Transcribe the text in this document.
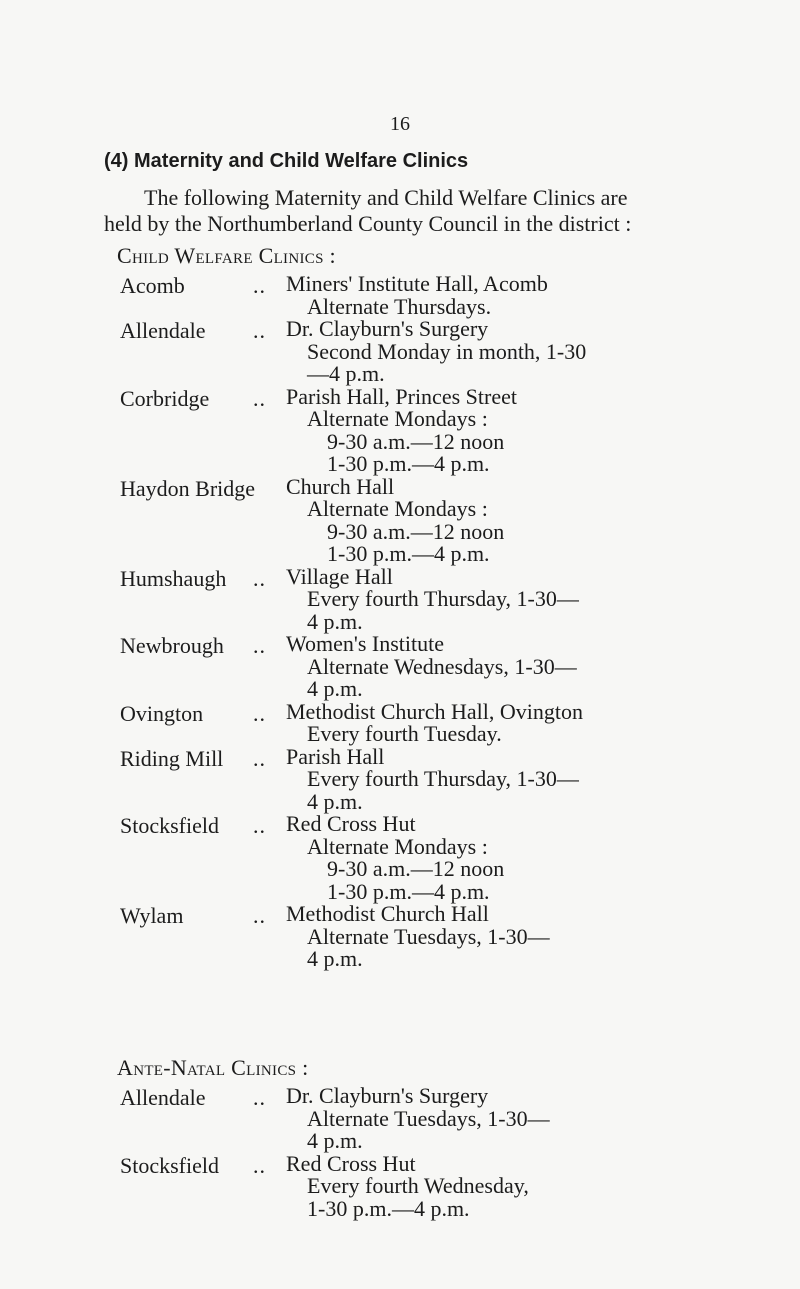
16
(4) Maternity and Child Welfare Clinics
The following Maternity and Child Welfare Clinics are
held by the Northumberland County Council in the district :
Child Welfare Clinics :
Acomb	.. Miners' Institute Hall, Acomb
Alternate Thursdays.
Allendale .. Dr. Clayburn's Surgery
Second Monday in month, 1-30
—4 p.m.
Corbridge .. Parish Hall, Princes Street
Alternate Mondays :
9-30 a.m.—12 noon
1-30 p.m.—4 p.m.
Haydon Bridge Church Hall
Alternate Mondays :
9-30 a.m.—12 noon
1-30 p.m.—4 p.m.
Humshaugh .. Village Hall
Every fourth Thursday, 1-30—
4 p.m.
Newbrough .. Women's Institute
Alternate Wednesdays, 1-30—
4 p.m.
Ovington .. Methodist Church Hall, Ovington
Every fourth Tuesday.
Riding Mill .. Parish Hall
Every fourth Thursday, 1-30—
4 p.m.
Stocksfield .. Red Cross Hut
Alternate Mondays :
9-30 a.m.—12 noon
1-30 p.m.—4 p.m.
Wylam	.. Methodist Church Hall
Alternate Tuesdays, 1-30—
4 p.m.
Ante-Natal Clinics :
Allendale .. Dr. Clayburn's Surgery
Alternate Tuesdays, 1-30—
4 p.m.
Stocksfield .. Red Cross Hut
Every fourth Wednesday,
1-30 p.m.—4 p.m.
